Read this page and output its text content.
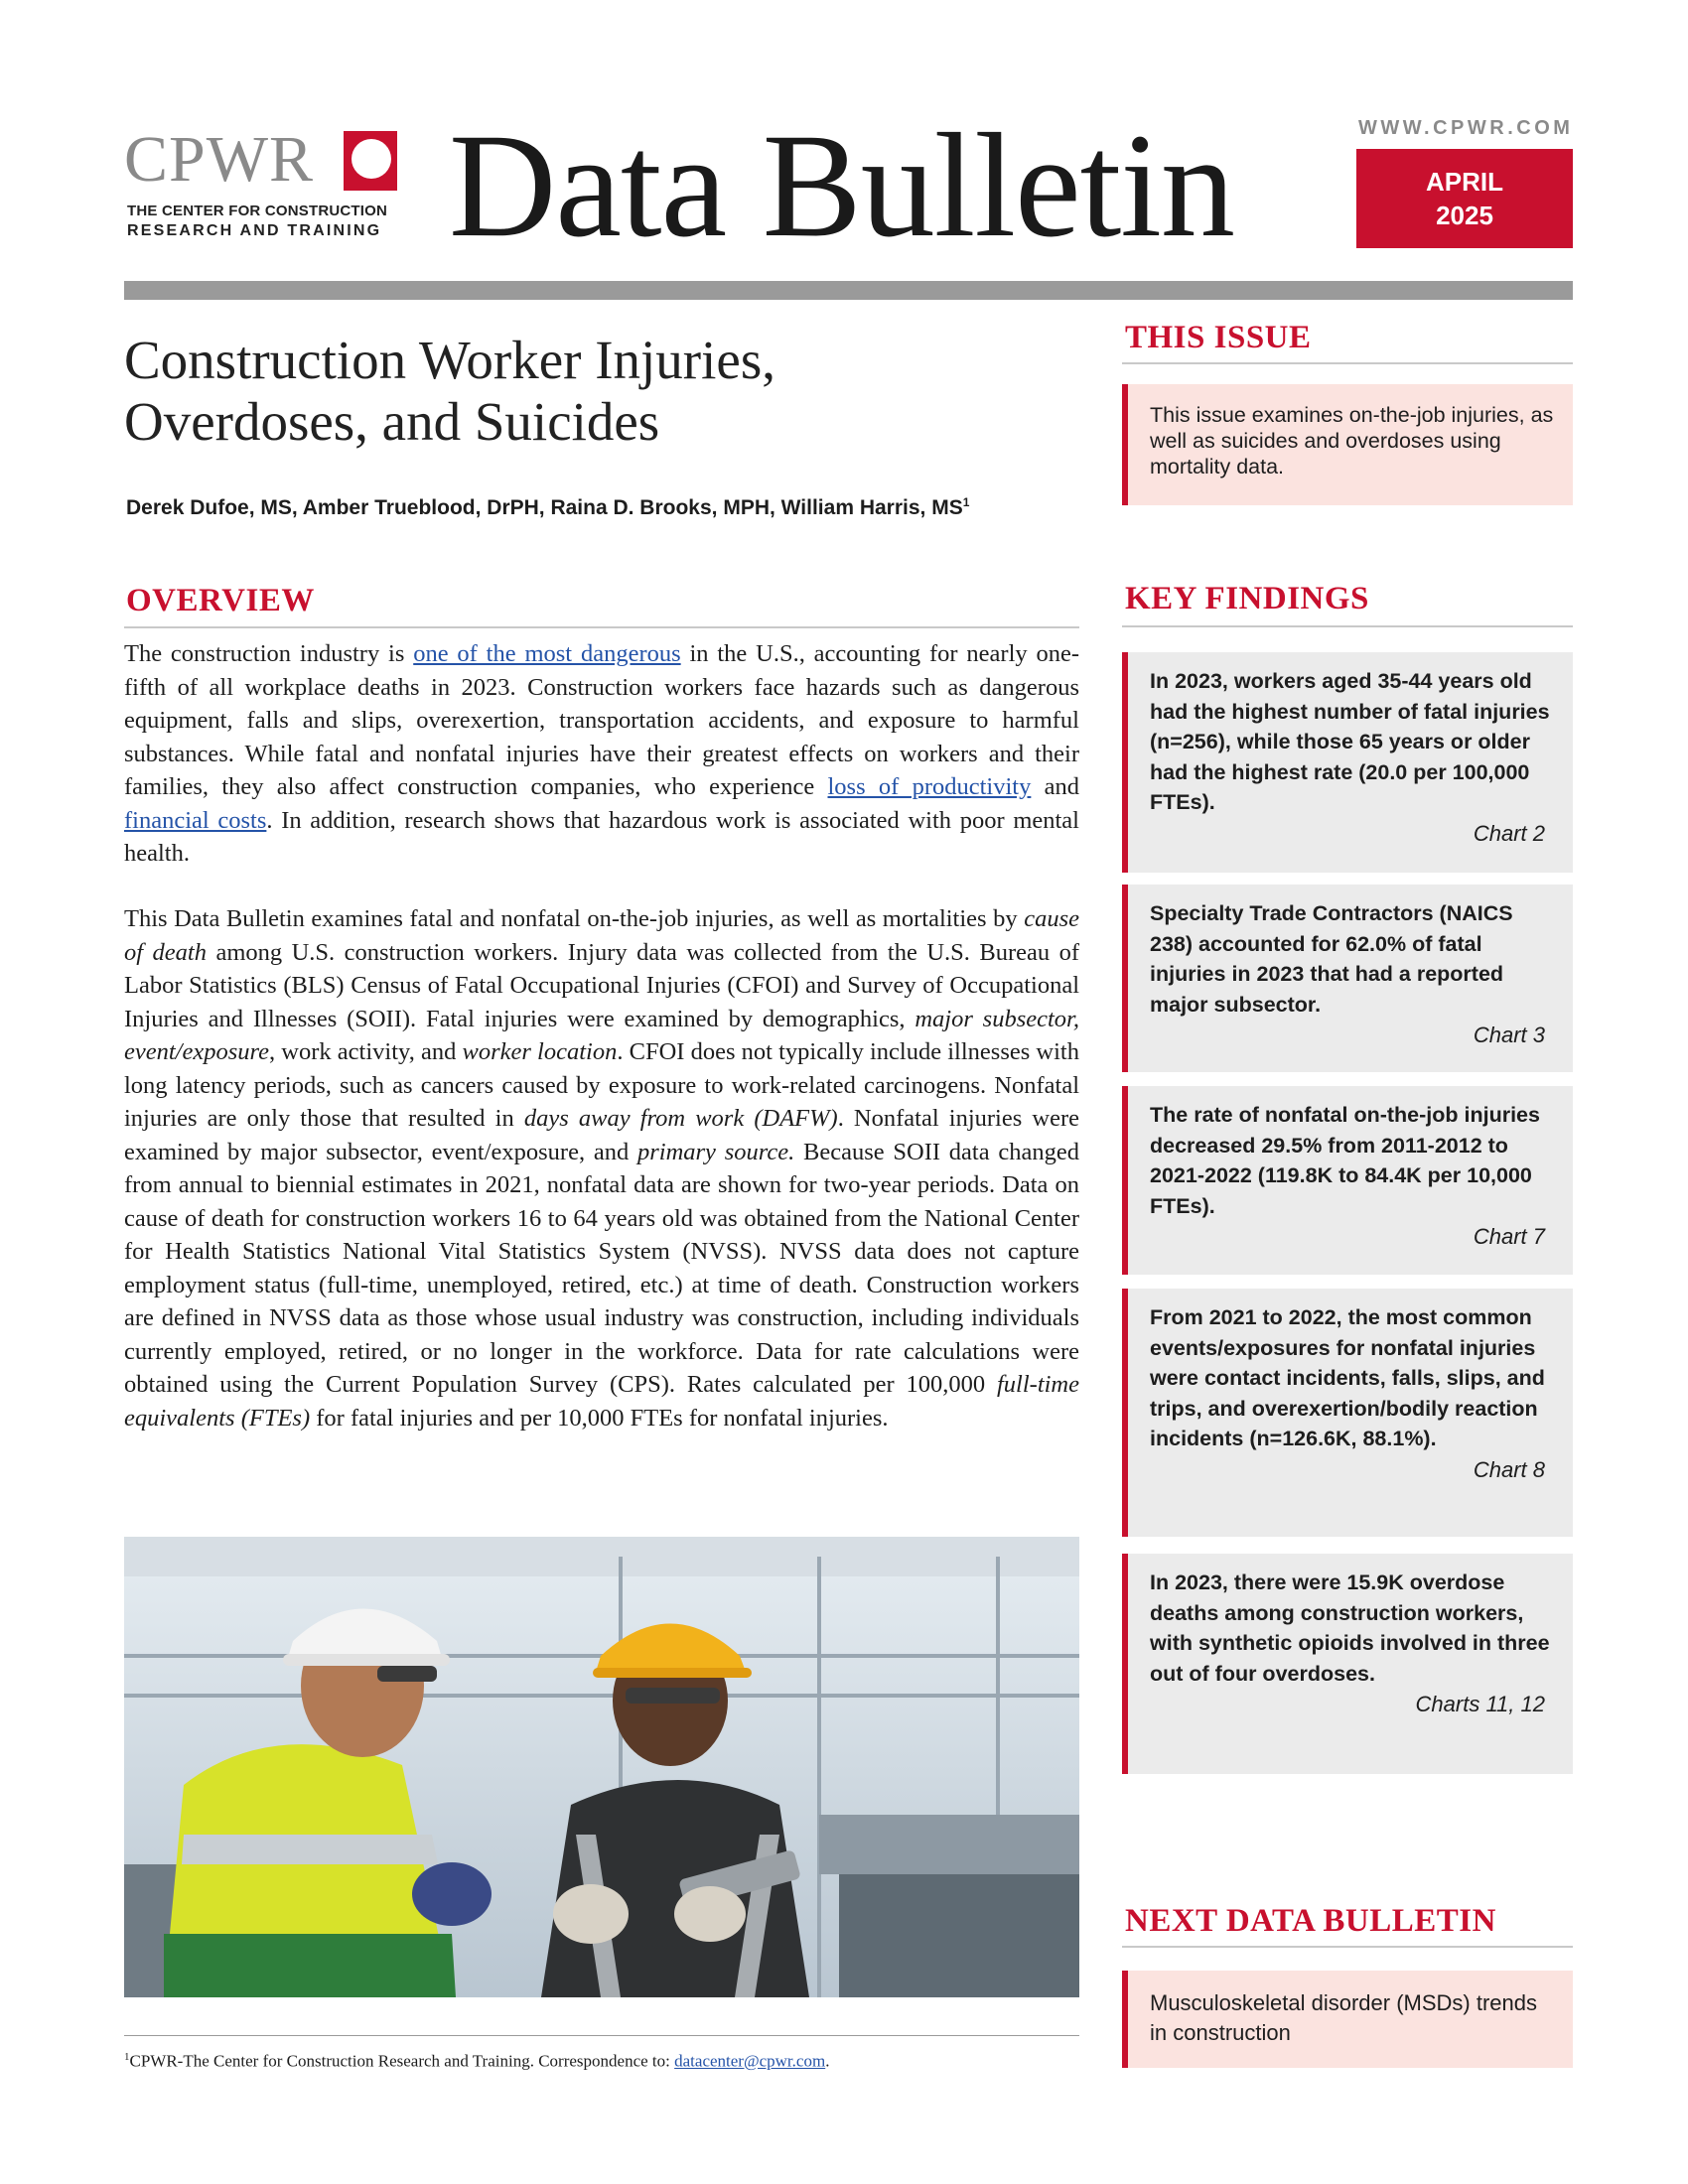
CPWR
THE CENTER FOR CONSTRUCTION
RESEARCH AND TRAINING Data Bulletin	WWW.CPWR.COM
APRIL
2025
Construction Worker Injuries,
Overdoses, and Suicides
Derek Dufoe, MS, Amber Trueblood, DrPH, Raina D. Brooks, MPH, William Harris, $MS^1$
OVERVIEW
The construction industry is one of the most dangerous in the U.S., accounting for nearly one-fifth of all workplace deaths in 2023. Construction workers face hazards such as dangerous equipment, falls and slips, overexertion, transportation accidents, and exposure to harmful substances. While fatal and nonfatal injuries have their greatest effects on workers and their families, they also affect construction companies, who experience loss of productivity and financial costs. In addition, research shows that hazardous work is associated with poor mental health.
This Data Bulletin examines fatal and nonfatal on-the-job injuries, as well as mortalities by cause of death among U.S. construction workers. Injury data was collected from the U.S. Bureau of Labor Statistics (BLS) Census of Fatal Occupational Injuries (CFOI) and Survey of Occupational Injuries and Illnesses (SOII). Fatal injuries were examined by demographics, major subsector, event/exposure, work activity, and worker location. CFOI does not typically include illnesses with long latency periods, such as cancers caused by exposure to work-related carcinogens. Nonfatal injuries are only those that resulted in days away from work (DAFW). Nonfatal injuries were examined by major subsector, event/exposure, and primary source. Because SOII data changed from annual to biennial estimates in 2021, nonfatal data are shown for two-year periods. Data on cause of death for construction workers 16 to 64 years old was obtained from the National Center for Health Statistics National Vital Statistics System (NVSS). NVSS data does not capture employment status (full-time, unemployed, retired, etc.) at time of death. Construction workers are defined in NVSS data as those whose usual industry was construction, including individuals currently employed, retired, or no longer in the workforce. Data for rate calculations were obtained using the Current Population Survey (CPS). Rates calculated per 100,000 full-time equivalents (FTEs) for fatal injuries and per 10,000 FTEs for nonfatal injuries.
$^1$CPWR-The Center for Construction Research and Training. Correspondence to: datacenter@cpwr.com.
THIS ISSUE
This issue examines on-the-job injuries, as well as suicides and overdoses using mortality data.
KEY FINDINGS
In 2023, workers aged 35-44 years old had the highest number of fatal injuries (n=256), while those 65 years or older had the highest rate (20.0 per 100,000 FTEs).
Chart 2
Specialty Trade Contractors (NAICS 238) accounted for 62.0% of fatal injuries in 2023 that had a reported major subsector.
Chart 3
The rate of nonfatal on-the-job injuries decreased 29.5% from 2011-2012 to 2021-2022 (119.8K to 84.4K per 10,000 FTEs).
Chart 7
From 2021 to 2022, the most common events/exposures for nonfatal injuries were contact incidents, falls, slips, and trips, and overexertion/bodily reaction incidents (n=126.6K, 88.1%).
Chart 8
In 2023, there were 15.9K overdose deaths among construction workers, with synthetic opioids involved in three out of four overdoses.
Charts 11, 12
NEXT DATA BULLETIN
Musculoskeletal disorder (MSDs) trends in construction
